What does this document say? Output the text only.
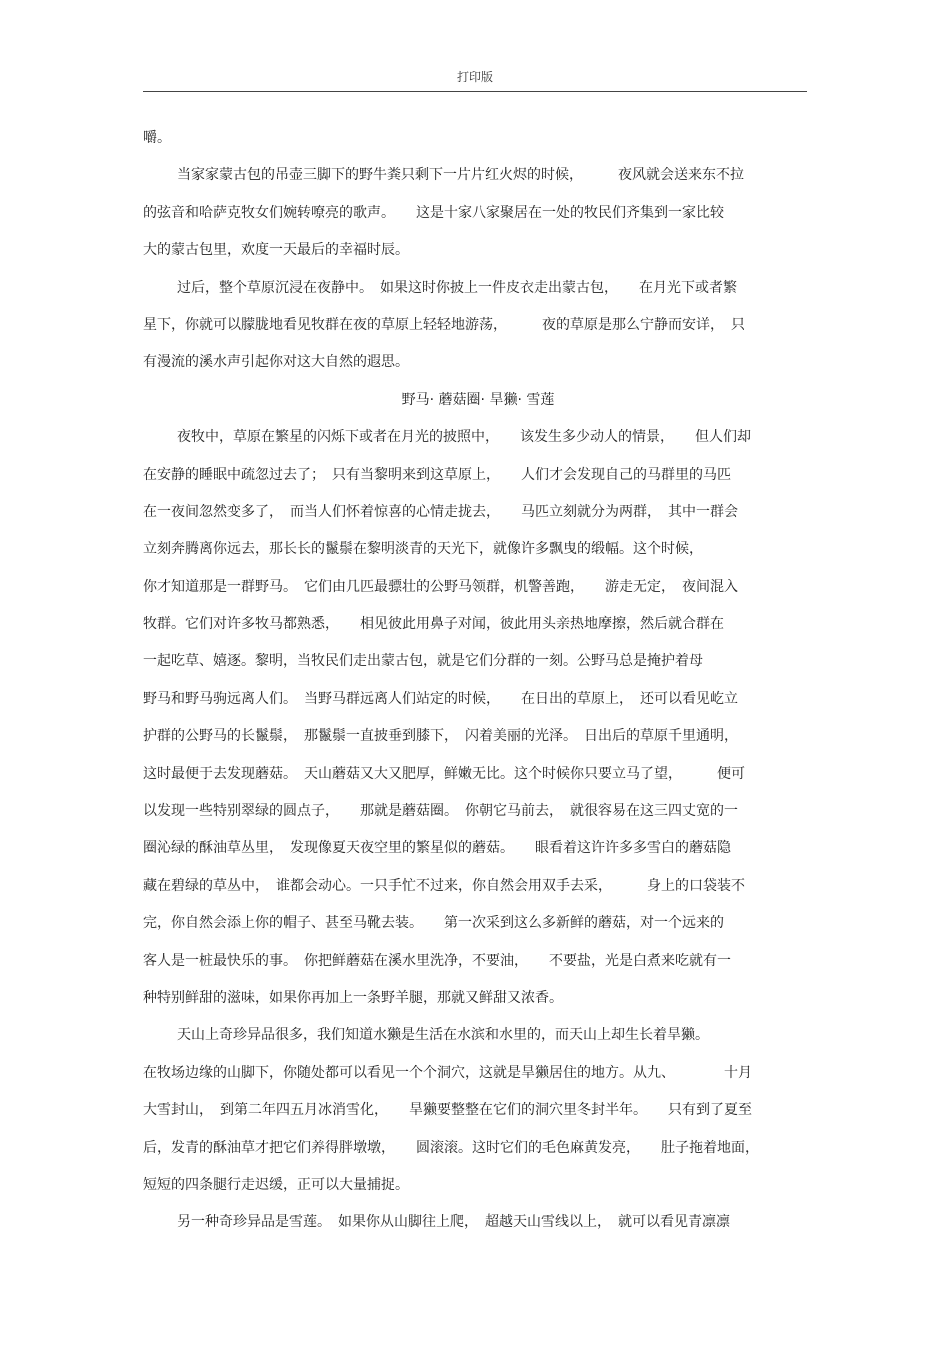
打印版
嚼。
当家家蒙古包的吊壶三脚下的野牛粪只剩下一片片红火烬的时候，　　　夜风就会送来东不拉
的弦音和哈萨克牧女们婉转嘹亮的歌声。　　这是十家八家聚居在一处的牧民们齐集到一家比较
大的蒙古包里，欢度一天最后的幸福时辰。
过后，整个草原沉浸在夜静中。　如果这时你披上一件皮衣走出蒙古包，　　在月光下或者繁
星下，你就可以朦胧地看见牧群在夜的草原上轻轻地游荡，　　　夜的草原是那么宁静而安详，　只
有漫流的溪水声引起你对这大自然的遐思。
野马· 蘑菇圈· 旱獭· 雪莲
夜牧中，草原在繁星的闪烁下或者在月光的披照中，　　该发生多少动人的情景，　　但人们却
在安静的睡眠中疏忽过去了；　只有当黎明来到这草原上，　　人们才会发现自己的马群里的马匹
在一夜间忽然变多了，　而当人们怀着惊喜的心情走拢去，　　马匹立刻就分为两群，　其中一群会
立刻奔腾离你远去，那长长的鬣鬃在黎明淡青的天光下，就像许多飘曳的缎幅。这个时候，
你才知道那是一群野马。　它们由几匹最骠壮的公野马领群，机警善跑，　　游走无定，　夜间混入
牧群。它们对许多牧马都熟悉，　　相见彼此用鼻子对闻，彼此用头亲热地摩擦，然后就合群在
一起吃草、嬉逐。黎明，当牧民们走出蒙古包，就是它们分群的一刻。公野马总是掩护着母
野马和野马驹远离人们。　当野马群远离人们站定的时候，　　在日出的草原上，　还可以看见屹立
护群的公野马的长鬣鬃，　那鬣鬃一直披垂到膝下，　闪着美丽的光泽。　日出后的草原千里通明，
这时最便于去发现蘑菇。　天山蘑菇又大又肥厚，鲜嫩无比。这个时候你只要立马了望，　　　便可
以发现一些特别翠绿的圆点子，　　那就是蘑菇圈。　你朝它马前去，　就很容易在这三四丈宽的一
圈沁绿的酥油草丛里，　发现像夏天夜空里的繁星似的蘑菇。　　眼看着这许许多多雪白的蘑菇隐
藏在碧绿的草丛中，　谁都会动心。一只手忙不过来，你自然会用双手去采，　　　身上的口袋装不
完，你自然会添上你的帽子、甚至马靴去装。　　第一次采到这么多新鲜的蘑菇，对一个远来的
客人是一桩最快乐的事。　你把鲜蘑菇在溪水里洗净，不要油，　　不要盐，光是白煮来吃就有一
种特别鲜甜的滋味，如果你再加上一条野羊腿，那就又鲜甜又浓香。
天山上奇珍异品很多，我们知道水獭是生活在水滨和水里的，而天山上却生长着旱獭。
在牧场边缘的山脚下，你随处都可以看见一个个洞穴，这就是旱獭居住的地方。从九、　　　　十月
大雪封山，　到第二年四五月冰消雪化，　　旱獭要整整在它们的洞穴里冬封半年。　　只有到了夏至
后，发青的酥油草才把它们养得胖墩墩，　　圆滚滚。这时它们的毛色麻黄发亮，　　肚子拖着地面，
短短的四条腿行走迟缓，正可以大量捕捉。
另一种奇珍异品是雪莲。　如果你从山脚往上爬，　超越天山雪线以上，　就可以看见青凛凛
